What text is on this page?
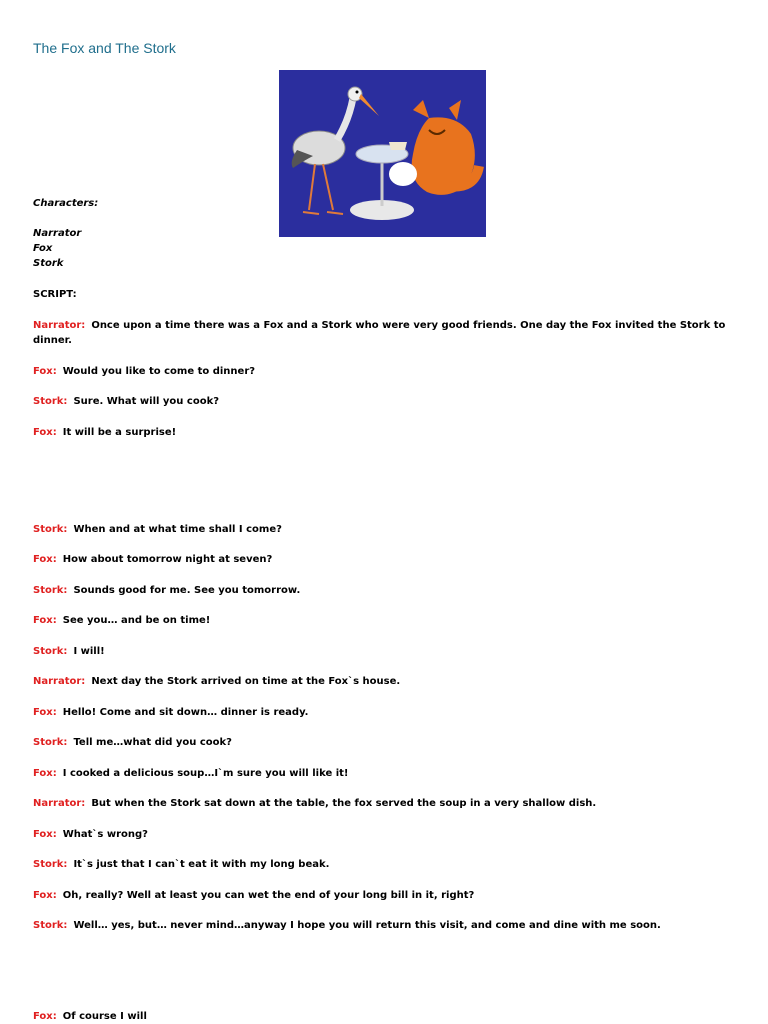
The Fox and The Stork
Characters:
Narrator
Fox
Stork
SCRIPT:
Narrator: Once upon a time there was a Fox and a Stork who were very good friends. One day the Fox invited the Stork to dinner.
Fox: Would you like to come to dinner?
Stork: Sure. What will you cook?
Fox: It will be a surprise!
Stork: When and at what time shall I come?
Fox: How about tomorrow night at seven?
Stork: Sounds good for me. See you tomorrow.
Fox: See you… and be on time!
Stork: I will!
Narrator: Next day the Stork arrived on time at the Fox`s house.
Fox: Hello! Come and sit down… dinner is ready.
Stork: Tell me…what did you cook?
Fox: I cooked a delicious soup…I`m sure you will like it!
Narrator: But when the Stork sat down at the table, the fox served the soup in a very shallow dish.
Fox: What`s wrong?
Stork: It`s just that I can`t eat it with my long beak.
Fox: Oh, really? Well at least you can wet the end of your long bill in it, right?
Stork: Well… yes, but… never mind…anyway I hope you will return this visit, and come and dine with me soon.
Fox: Of course I will
